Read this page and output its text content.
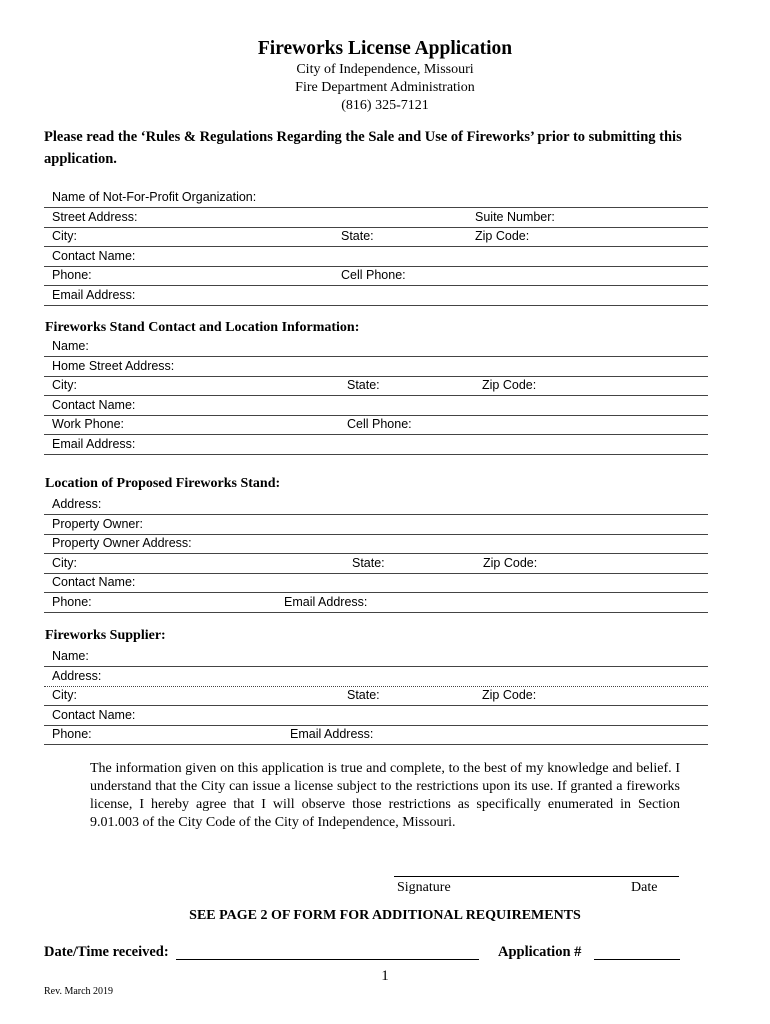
Fireworks License Application
City of Independence, Missouri
Fire Department Administration
(816) 325-7121
Please read the ‘Rules & Regulations Regarding the Sale and Use of Fireworks’ prior to submitting this application.
Name of Not-For-Profit Organization:
Street Address:	Suite Number:
City:	State:	Zip Code:
Contact Name:
Phone:	Cell Phone:
Email Address:
Fireworks Stand Contact and Location Information:
Name:
Home Street Address:
City:	State:	Zip Code:
Contact Name:
Work Phone:	Cell Phone:
Email Address:
Location of Proposed Fireworks Stand:
Address:
Property Owner:
Property Owner Address:
City:	State:	Zip Code:
Contact Name:
Phone:	Email Address:
Fireworks Supplier:
Name:
Address:
City:	State:	Zip Code:
Contact Name:
Phone:	Email Address:
The information given on this application is true and complete, to the best of my knowledge and belief. I understand that the City can issue a license subject to the restrictions upon its use. If granted a fireworks license, I hereby agree that I will observe those restrictions as specifically enumerated in Section 9.01.003 of the City Code of the City of Independence, Missouri.
Signature	Date
SEE PAGE 2 OF FORM FOR ADDITIONAL REQUIREMENTS
Date/Time received:	Application #
1
Rev. March 2019
